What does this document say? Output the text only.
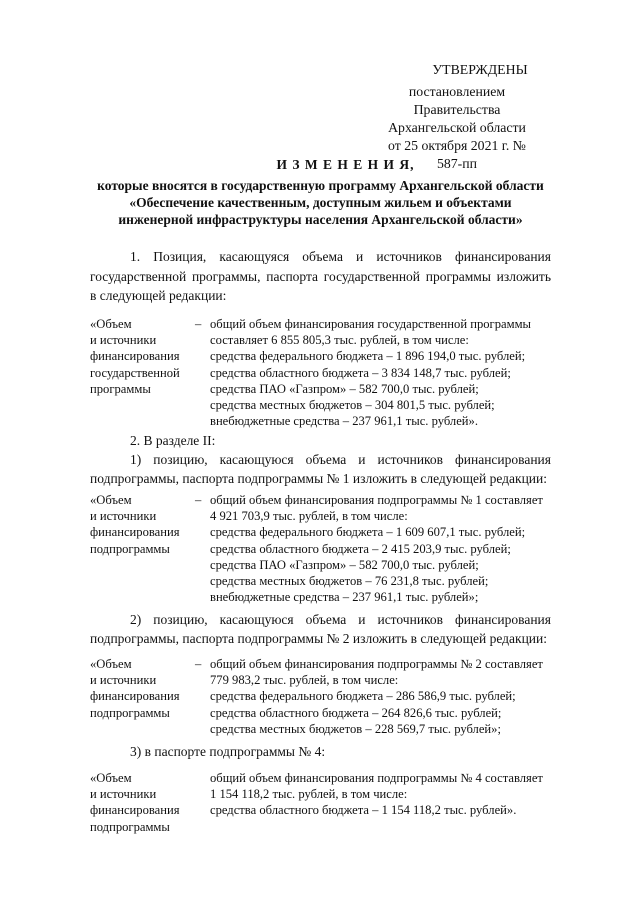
УТВЕРЖДЕНЫ
постановлением Правительства
Архангельской области
от 25 октября 2021 г. № 587-пп
И З М Е Н Е Н И Я,
которые вносятся в государственную программу Архангельской области
«Обеспечение качественным, доступным жильем и объектами
инженерной инфраструктуры населения Архангельской области»
1. Позиция, касающуяся объема и источников финансирования
государственной программы, паспорта государственной программы изложить
в следующей редакции:
«Объем
и источники
финансирования
государственной
программы
– общий объем финансирования государственной программы
составляет 6 855 805,3 тыс. рублей, в том числе:
средства федерального бюджета – 1 896 194,0 тыс. рублей;
средства областного бюджета – 3 834 148,7 тыс. рублей;
средства ПАО «Газпром» – 582 700,0 тыс. рублей;
средства местных бюджетов – 304 801,5 тыс. рублей;
внебюджетные средства – 237 961,1 тыс. рублей».
2. В разделе II:
1) позицию, касающуюся объема и источников финансирования
подпрограммы, паспорта подпрограммы № 1 изложить в следующей редакции:
«Объем
и источники
финансирования
подпрограммы
– общий объем финансирования подпрограммы № 1 составляет
4 921 703,9 тыс. рублей, в том числе:
средства федерального бюджета – 1 609 607,1 тыс. рублей;
средства областного бюджета – 2 415 203,9 тыс. рублей;
средства ПАО «Газпром» – 582 700,0 тыс. рублей;
средства местных бюджетов – 76 231,8 тыс. рублей;
внебюджетные средства – 237 961,1 тыс. рублей»;
2) позицию, касающуюся объема и источников финансирования
подпрограммы, паспорта подпрограммы № 2 изложить в следующей редакции:
«Объем
и источники
финансирования
подпрограммы
– общий объем финансирования подпрограммы № 2 составляет
779 983,2 тыс. рублей, в том числе:
средства федерального бюджета – 286 586,9 тыс. рублей;
средства областного бюджета – 264 826,6 тыс. рублей;
средства местных бюджетов – 228 569,7 тыс. рублей»;
3) в паспорте подпрограммы № 4:
«Объем
и источники
финансирования
подпрограммы
общий объем финансирования подпрограммы № 4 составляет
1 154 118,2 тыс. рублей, в том числе:
средства областного бюджета – 1 154 118,2 тыс. рублей».
